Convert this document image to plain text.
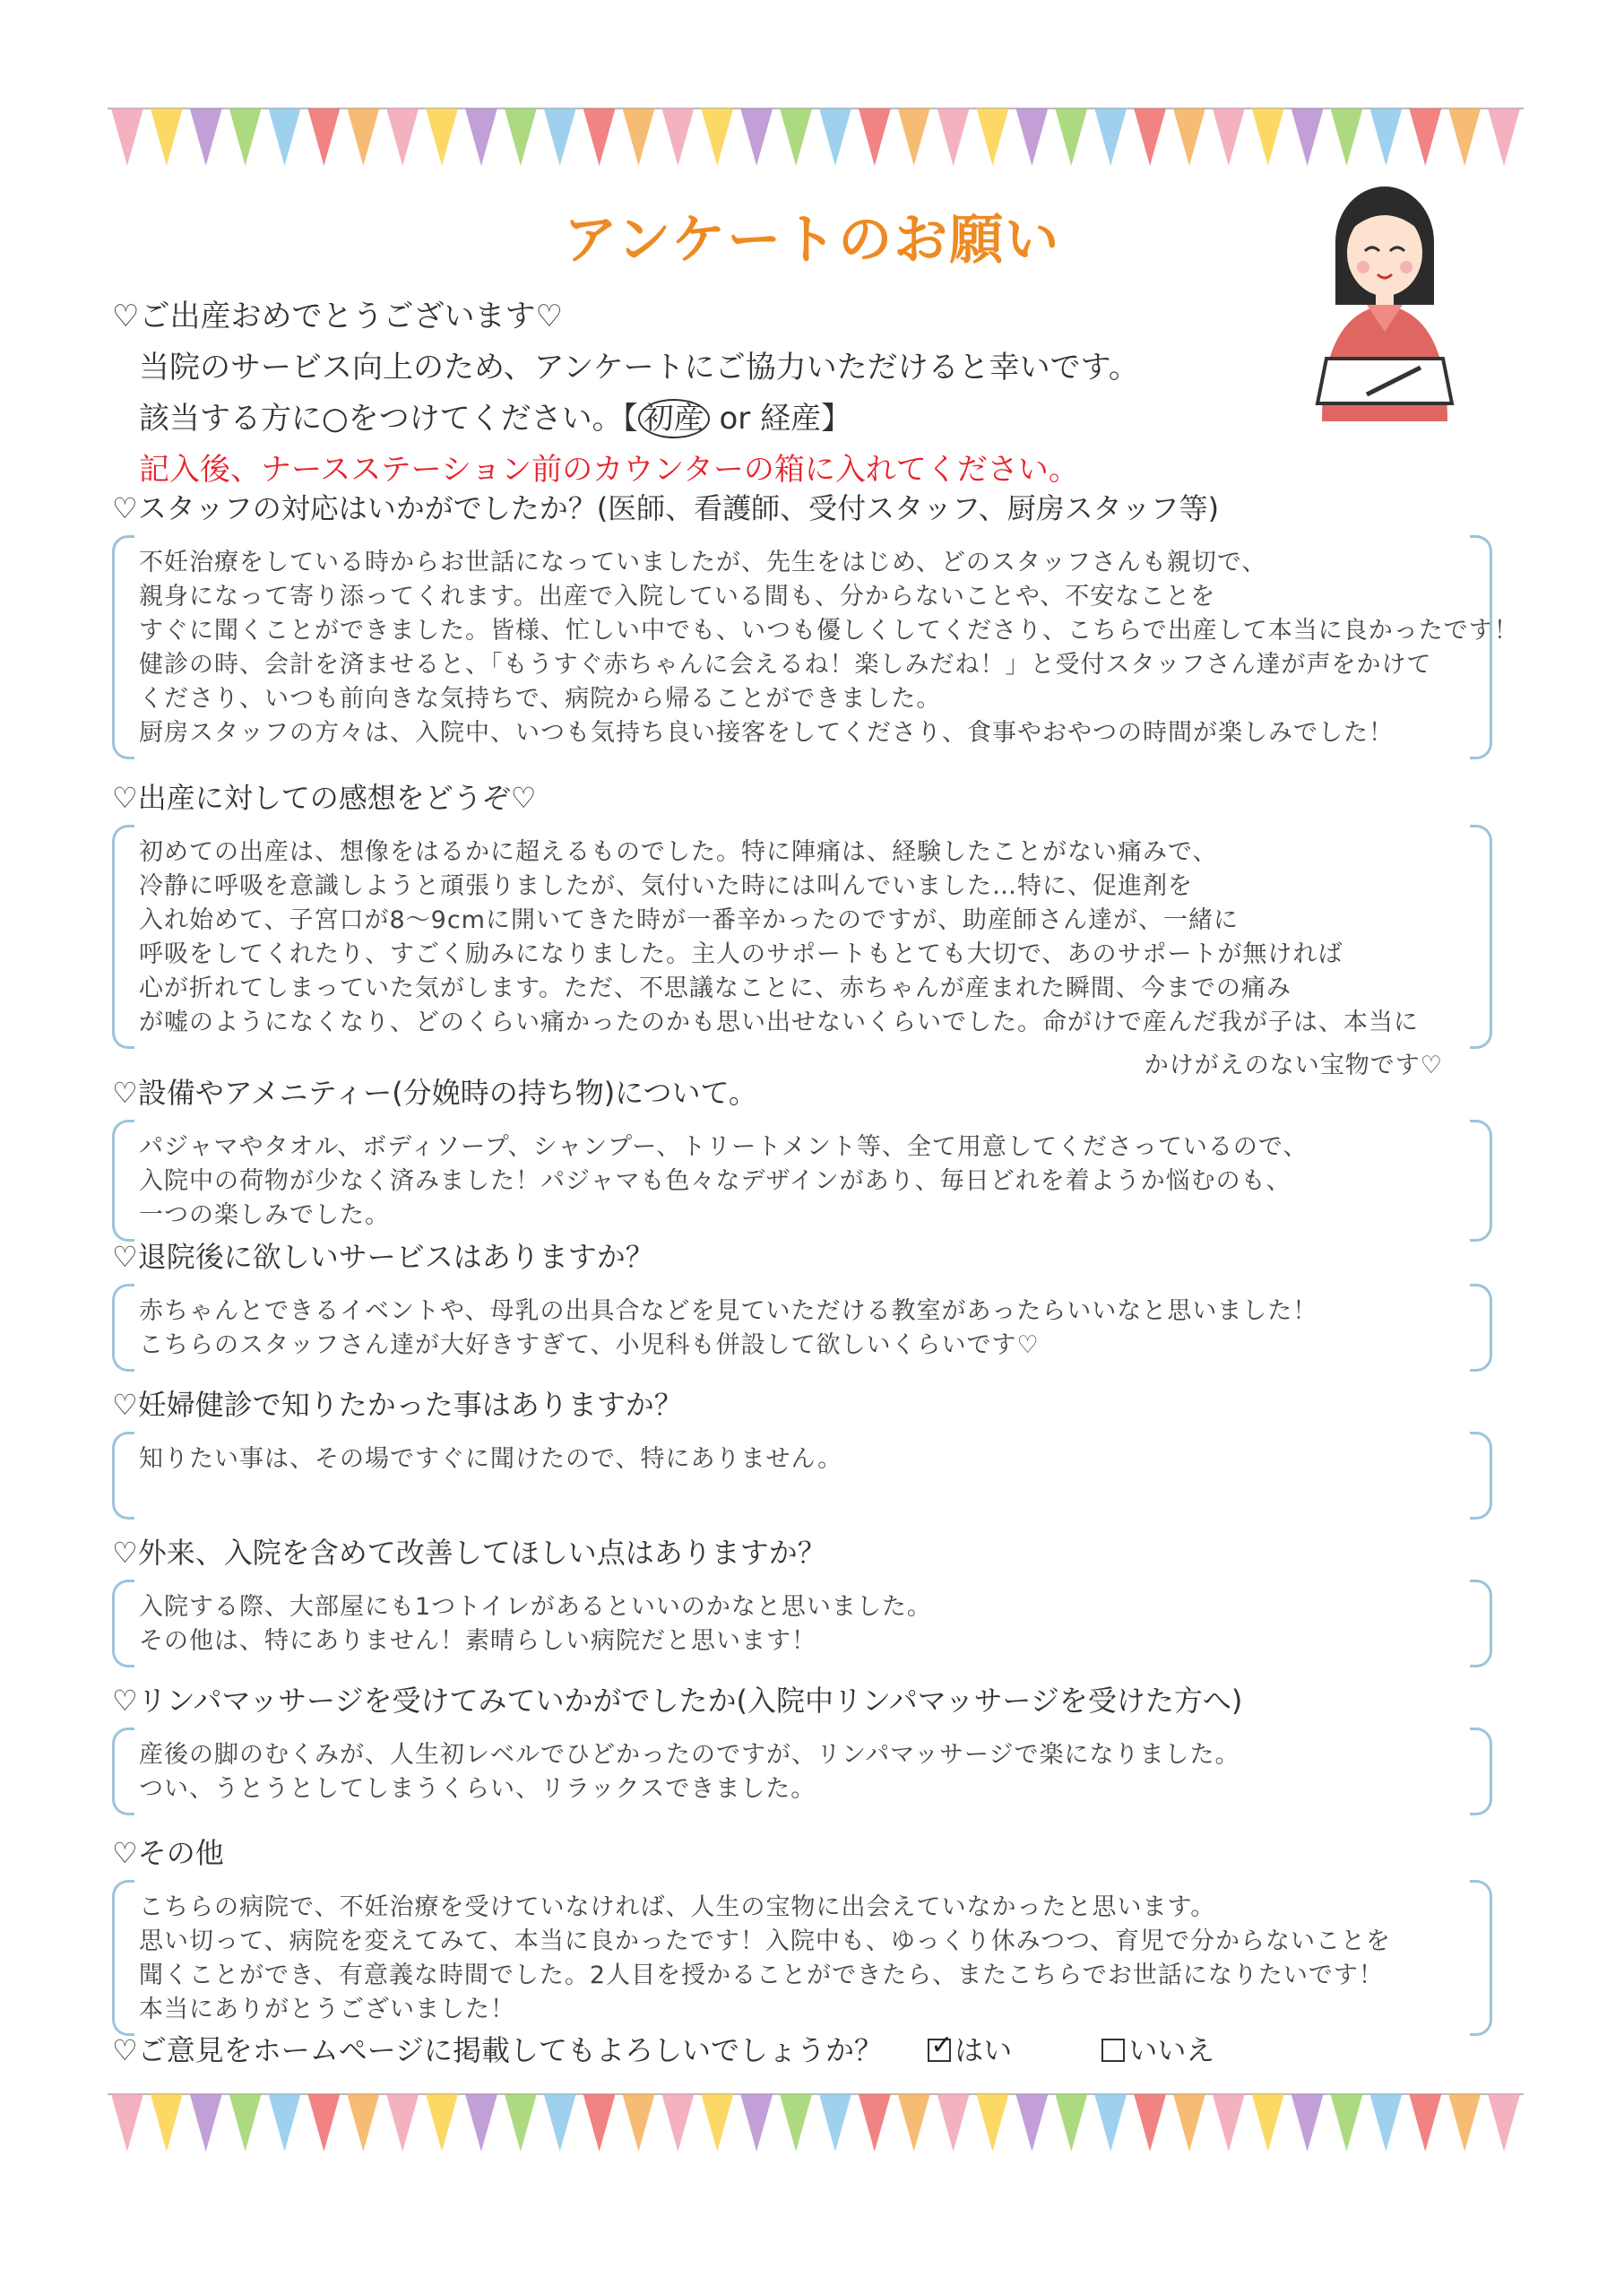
アンケートのお願い
♡ご出産おめでとうございます♡
当院のサービス向上のため、アンケートにご協力いただけると幸いです。
該当する方に○をつけてください。【 初産 or 経産】
記入後、ナースステーション前のカウンターの箱に入れてください。
♡スタッフの対応はいかがでしたか？(医師、看護師、受付スタッフ、厨房スタッフ等)
不妊治療をしている時からお世話になっていましたが、先生をはじめ、どのスタッフさんも親切で、
親身になって寄り添ってくれます。出産で入院している間も、分からないことや、不安なことを
すぐに聞くことができました。皆様、忙しい中でも、いつも優しくしてくださり、こちらで出産して本当に良かったです！
健診の時、会計を済ませると、「もうすぐ赤ちゃんに会えるね！楽しみだね！」と受付スタッフさん達が声をかけて
くださり、いつも前向きな気持ちで、病院から帰ることができました。
厨房スタッフの方々は、入院中、いつも気持ち良い接客をしてくださり、食事やおやつの時間が楽しみでした！
♡出産に対しての感想をどうぞ♡
初めての出産は、想像をはるかに超えるものでした。特に陣痛は、経験したことがない痛みで、
冷静に呼吸を意識しようと頑張りましたが、気付いた時には叫んでいました…特に、促進剤を
入れ始めて、子宮口が8～9cmに開いてきた時が一番辛かったのですが、助産師さん達が、一緒に
呼吸をしてくれたり、すごく励みになりました。主人のサポートもとても大切で、あのサポートが無ければ
心が折れてしまっていた気がします。ただ、不思議なことに、赤ちゃんが産まれた瞬間、今までの痛み
が嘘のようになくなり、どのくらい痛かったのかも思い出せないくらいでした。命がけで産んだ我が子は、本当に
かけがえのない宝物です♡
♡設備やアメニティー(分娩時の持ち物)について。
パジャマやタオル、ボディソープ、シャンプー、トリートメント等、全て用意してくださっているので、
入院中の荷物が少なく済みました！パジャマも色々なデザインがあり、毎日どれを着ようか悩むのも、
一つの楽しみでした。
♡退院後に欲しいサービスはありますか？
赤ちゃんとできるイベントや、母乳の出具合などを見ていただける教室があったらいいなと思いました！
こちらのスタッフさん達が大好きすぎて、小児科も併設して欲しいくらいです♡
♡妊婦健診で知りたかった事はありますか？
知りたい事は、その場ですぐに聞けたので、特にありません。

♡外来、入院を含めて改善してほしい点はありますか？
入院する際、大部屋にも1つトイレがあるといいのかなと思いました。
その他は、特にありません！素晴らしい病院だと思います！
♡リンパマッサージを受けてみていかがでしたか(入院中リンパマッサージを受けた方へ)
産後の脚のむくみが、人生初レベルでひどかったのですが、リンパマッサージで楽になりました。
つい、うとうとしてしまうくらい、リラックスできました。
♡その他
こちらの病院で、不妊治療を受けていなければ、人生の宝物に出会えていなかったと思います。
思い切って、病院を変えてみて、本当に良かったです！入院中も、ゆっくり休みつつ、育児で分からないことを
聞くことができ、有意義な時間でした。2人目を授かることができたら、またこちらでお世話になりたいです！
本当にありがとうございました！
♡ご意見をホームページに掲載してもよろしいでしょうか？ ✓	はい	いいえ
